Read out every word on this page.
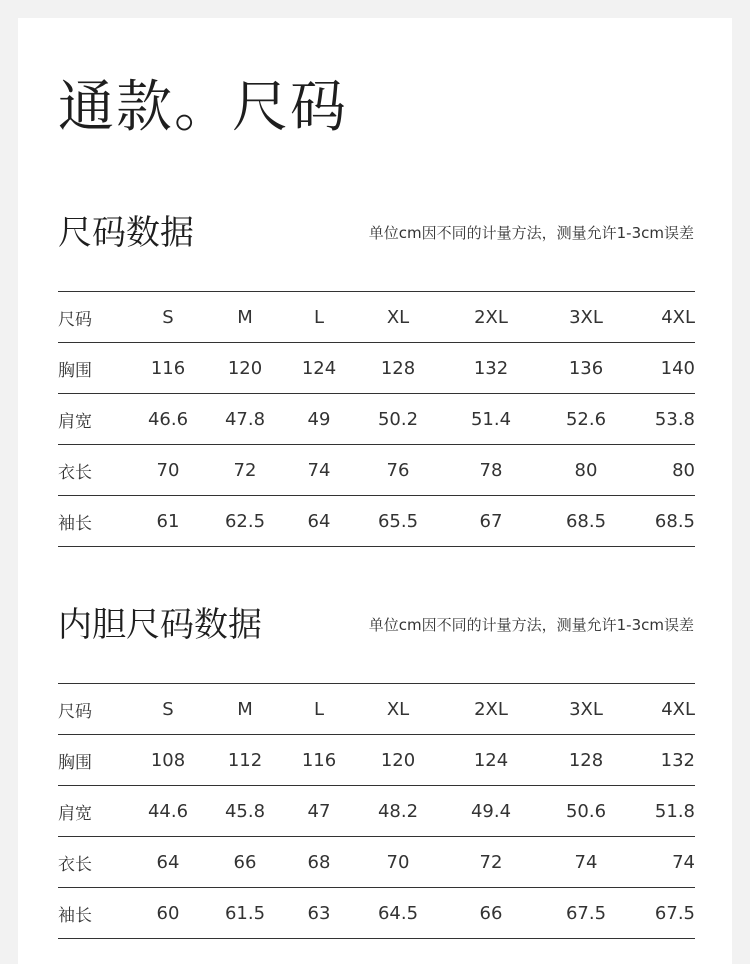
通款。尺码
尺码数据	单位cm因不同的计量方法，测量允许1-3cm误差
尺码	S	M	L	XL	2XL	3XL	4XL
胸围	116	120	124	128	132	136	140
肩宽	46.6	47.8	49	50.2	51.4	52.6	53.8
衣长	70	72	74	76	78	80	80
袖长	61	62.5	64	65.5	67	68.5	68.5
内胆尺码数据	单位cm因不同的计量方法，测量允许1-3cm误差
尺码	S	M	L	XL	2XL	3XL	4XL
胸围	108	112	116	120	124	128	132
肩宽	44.6	45.8	47	48.2	49.4	50.6	51.8
衣长	64	66	68	70	72	74	74
袖长	60	61.5	63	64.5	66	67.5	67.5
